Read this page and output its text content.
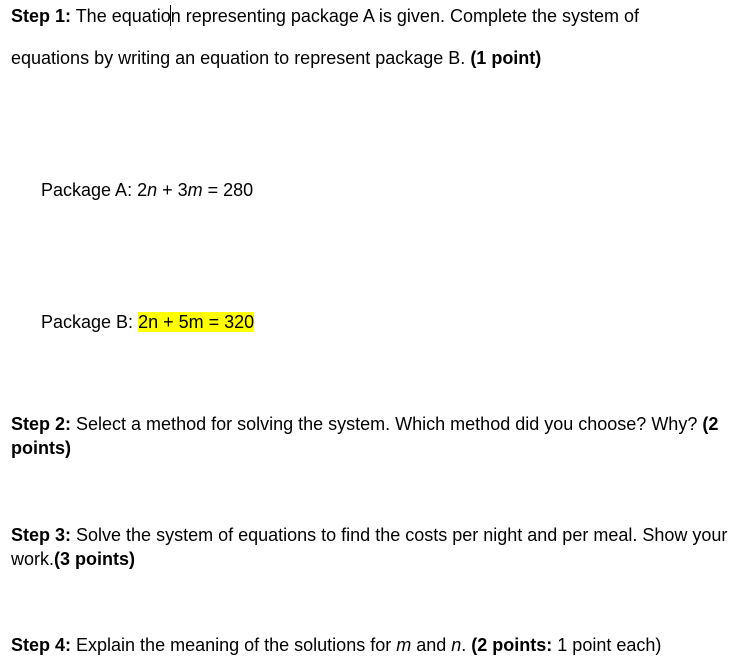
Step 1: The equation representing package A is given. Complete the system of

equations by writing an equation to represent package B. (1 point)

Package A: 2n + 3m = 280

Package B: 2n + 5m = 320

Step 2: Select a method for solving the system. Which method did you choose? Why? (2 points)

Step 3: Solve the system of equations to find the costs per night and per meal. Show your work.(3 points)

Step 4: Explain the meaning of the solutions for m and n. (2 points: 1 point each)
